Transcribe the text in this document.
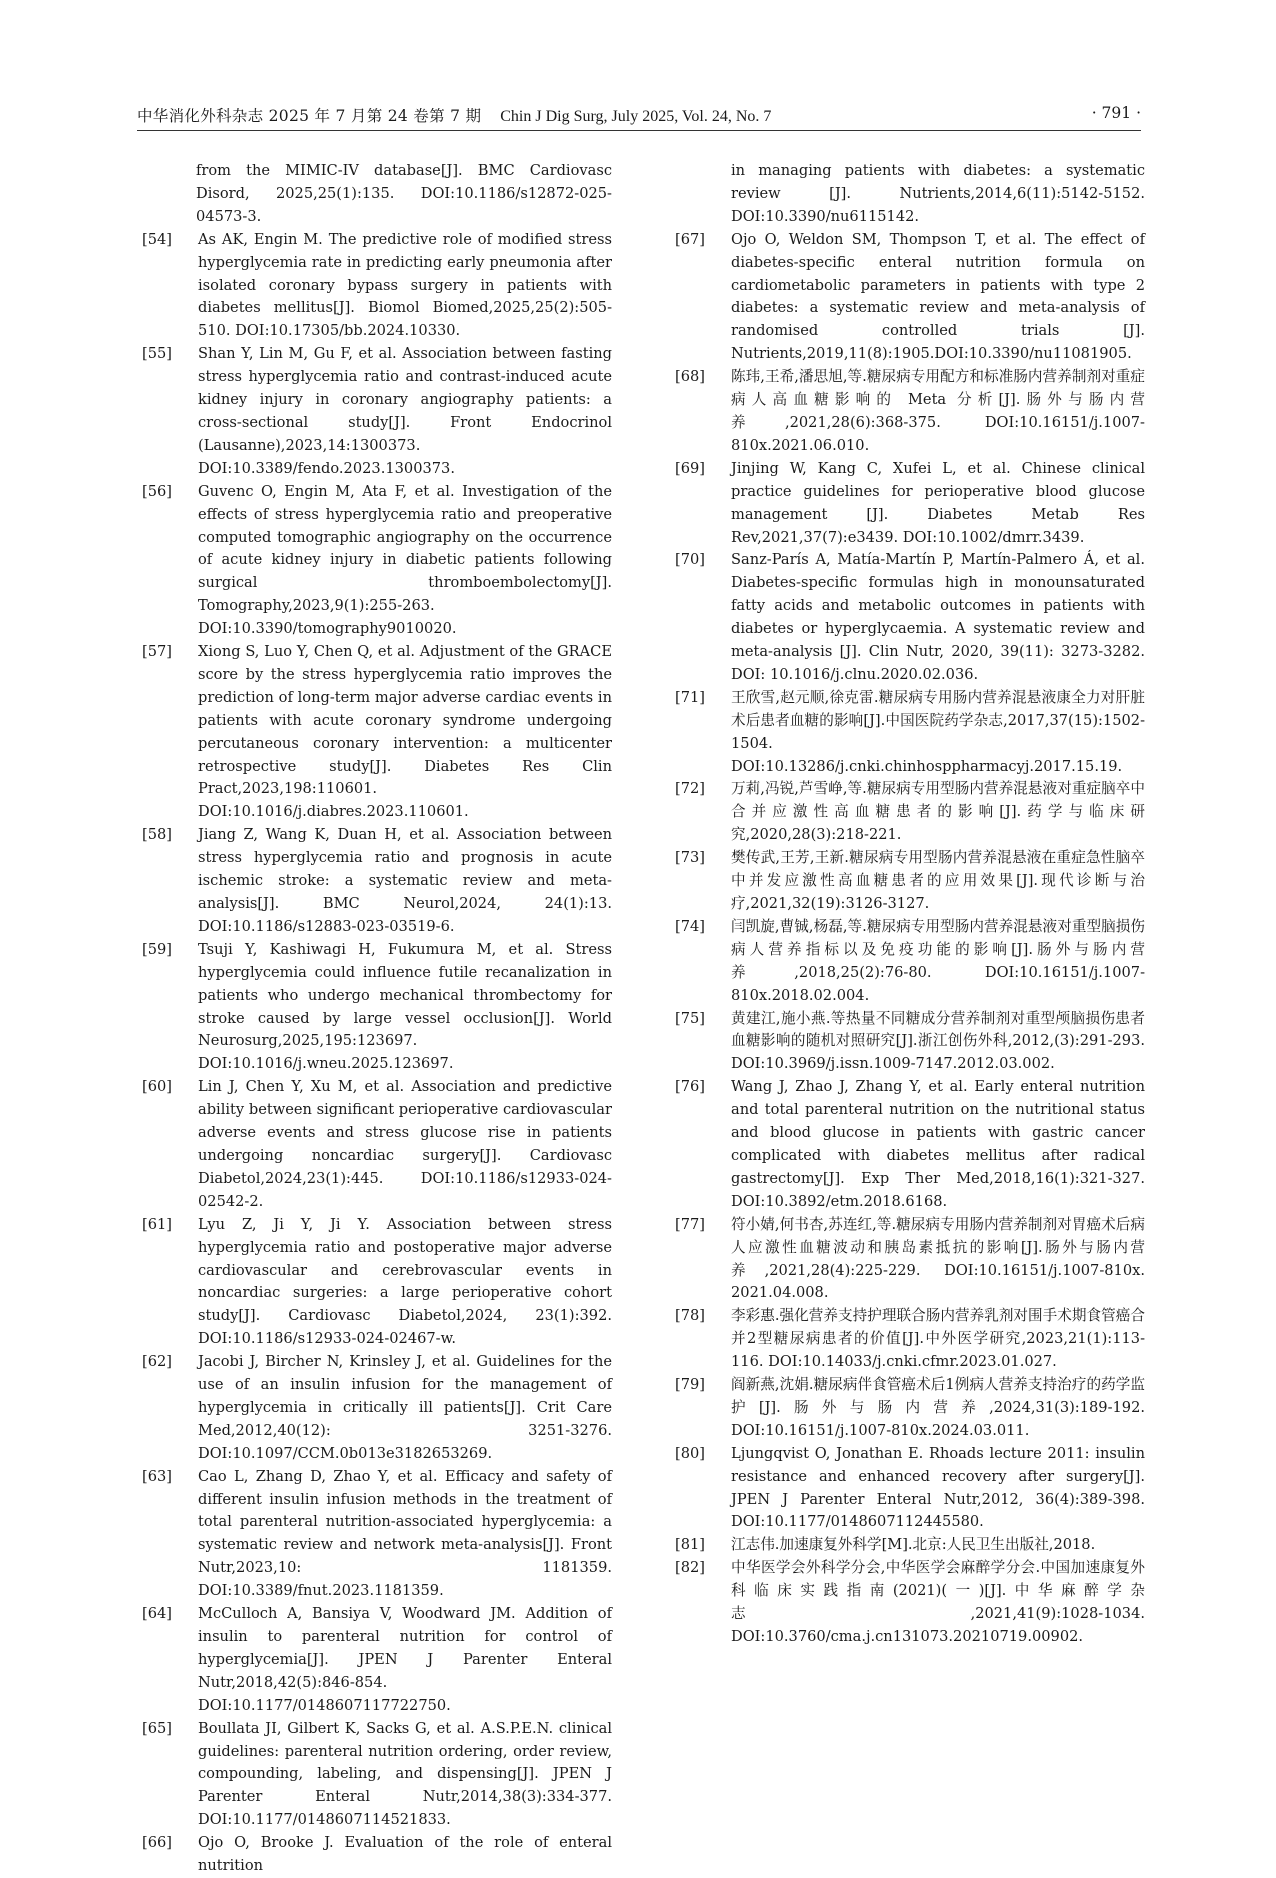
中华消化外科杂志 2025 年 7 月第 24 卷第 7 期 Chin J Dig Surg, July 2025, Vol. 24, No. 7	· 791 ·

from the MIMIC-IV database[J]. BMC Cardiovasc Disord, 2025,25(1):135. DOI:10.1186/s12872-025-04573-3.

[54]	As AK, Engin M. The predictive role of modified stress hyperglycemia rate in predicting early pneumonia after isolated coronary bypass surgery in patients with diabetes mellitus[J]. Biomol Biomed,2025,25(2):505-510. DOI:10.17305/bb.2024.10330.

[55]	Shan Y, Lin M, Gu F, et al. Association between fasting stress hyperglycemia ratio and contrast-induced acute kidney injury in coronary angiography patients: a cross-sectional study[J]. Front Endocrinol (Lausanne),2023,14:1300373. DOI:10.3389/fendo.2023.1300373.

[56]	Guvenc O, Engin M, Ata F, et al. Investigation of the effects of stress hyperglycemia ratio and preoperative computed tomographic angiography on the occurrence of acute kidney injury in diabetic patients following surgical thromboembolectomy[J]. Tomography,2023,9(1):255-263. DOI:10.3390/tomography9010020.

[57]	Xiong S, Luo Y, Chen Q, et al. Adjustment of the GRACE score by the stress hyperglycemia ratio improves the prediction of long-term major adverse cardiac events in patients with acute coronary syndrome undergoing percutaneous coronary intervention: a multicenter retrospective study[J]. Diabetes Res Clin Pract,2023,198:110601. DOI:10.1016/j.diabres.2023.110601.

[58]	Jiang Z, Wang K, Duan H, et al. Association between stress hyperglycemia ratio and prognosis in acute ischemic stroke: a systematic review and meta-analysis[J]. BMC Neurol,2024, 24(1):13. DOI:10.1186/s12883-023-03519-6.

[59]	Tsuji Y, Kashiwagi H, Fukumura M, et al. Stress hyperglycemia could influence futile recanalization in patients who undergo mechanical thrombectomy for stroke caused by large vessel occlusion[J]. World Neurosurg,2025,195:123697. DOI:10.1016/j.wneu.2025.123697.

[60]	Lin J, Chen Y, Xu M, et al. Association and predictive ability between significant perioperative cardiovascular adverse events and stress glucose rise in patients undergoing noncardiac surgery[J]. Cardiovasc Diabetol,2024,23(1):445. DOI:10.1186/s12933-024-02542-2.

[61]	Lyu Z, Ji Y, Ji Y. Association between stress hyperglycemia ratio and postoperative major adverse cardiovascular and cerebrovascular events in noncardiac surgeries: a large perioperative cohort study[J]. Cardiovasc Diabetol,2024, 23(1):392. DOI:10.1186/s12933-024-02467-w.

[62]	Jacobi J, Bircher N, Krinsley J, et al. Guidelines for the use of an insulin infusion for the management of hyperglycemia in critically ill patients[J]. Crit Care Med,2012,40(12): 3251-3276. DOI:10.1097/CCM.0b013e3182653269.

[63]	Cao L, Zhang D, Zhao Y, et al. Efficacy and safety of different insulin infusion methods in the treatment of total parenteral nutrition-associated hyperglycemia: a systematic review and network meta-analysis[J]. Front Nutr,2023,10: 1181359. DOI:10.3389/fnut.2023.1181359.

[64]	McCulloch A, Bansiya V, Woodward JM. Addition of insulin to parenteral nutrition for control of hyperglycemia[J]. JPEN J Parenter Enteral Nutr,2018,42(5):846-854. DOI:10.1177/0148607117722750.

[65]	Boullata JI, Gilbert K, Sacks G, et al. A.S.P.E.N. clinical guidelines: parenteral nutrition ordering, order review, compounding, labeling, and dispensing[J]. JPEN J Parenter Enteral Nutr,2014,38(3):334-377. DOI:10.1177/0148607114521833.

[66]	Ojo O, Brooke J. Evaluation of the role of enteral nutrition

in managing patients with diabetes: a systematic review [J]. Nutrients,2014,6(11):5142-5152. DOI:10.3390/nu6115142.

[67]	Ojo O, Weldon SM, Thompson T, et al. The effect of diabetes-specific enteral nutrition formula on cardiometabolic parameters in patients with type 2 diabetes: a systematic review and meta-analysis of randomised controlled trials [J]. Nutrients,2019,11(8):1905.DOI:10.3390/nu11081905.

[68]	陈玮,王希,潘思旭,等.糖尿病专用配方和标准肠内营养制剂对重症病人高血糖影响的 Meta 分析[J].肠外与肠内营养,2021,28(6):368-375. DOI:10.16151/j.1007-810x.2021.06.010.

[69]	Jinjing W, Kang C, Xufei L, et al. Chinese clinical practice guidelines for perioperative blood glucose management [J]. Diabetes Metab Res Rev,2021,37(7):e3439. DOI:10.1002/dmrr.3439.

[70]	Sanz-París A, Matía-Martín P, Martín-Palmero Á, et al. Diabetes-specific formulas high in monounsaturated fatty acids and metabolic outcomes in patients with diabetes or hyperglycaemia. A systematic review and meta-analysis [J]. Clin Nutr, 2020, 39(11): 3273-3282. DOI: 10.1016/j.clnu.2020.02.036.

[71]	王欣雪,赵元顺,徐克雷.糖尿病专用肠内营养混悬液康全力对肝脏术后患者血糖的影响[J].中国医院药学杂志,2017,37(15):1502-1504. DOI:10.13286/j.cnki.chinhosppharmacyj.2017.15.19.

[72]	万莉,冯锐,芦雪峥,等.糖尿病专用型肠内营养混悬液对重症脑卒中合并应激性高血糖患者的影响[J].药学与临床研究,2020,28(3):218-221.

[73]	樊传武,王芳,王新.糖尿病专用型肠内营养混悬液在重症急性脑卒中并发应激性高血糖患者的应用效果[J].现代诊断与治疗,2021,32(19):3126-3127.

[74]	闫凯旋,曹铖,杨磊,等.糖尿病专用型肠内营养混悬液对重型脑损伤病人营养指标以及免疫功能的影响[J].肠外与肠内营养,2018,25(2):76-80. DOI:10.16151/j.1007-810x.2018.02.004.

[75]	黄建江,施小燕.等热量不同糖成分营养制剂对重型颅脑损伤患者血糖影响的随机对照研究[J].浙江创伤外科,2012,(3):291-293. DOI:10.3969/j.issn.1009-7147.2012.03.002.

[76]	Wang J, Zhao J, Zhang Y, et al. Early enteral nutrition and total parenteral nutrition on the nutritional status and blood glucose in patients with gastric cancer complicated with diabetes mellitus after radical gastrectomy[J]. Exp Ther Med,2018,16(1):321-327. DOI:10.3892/etm.2018.6168.

[77]	符小婧,何书杏,苏连红,等.糖尿病专用肠内营养制剂对胃癌术后病人应激性血糖波动和胰岛素抵抗的影响[J].肠外与肠内营养,2021,28(4):225-229. DOI:10.16151/j.1007-810x. 2021.04.008.

[78]	李彩惠.强化营养支持护理联合肠内营养乳剂对围手术期食管癌合并2型糖尿病患者的价值[J].中外医学研究,2023,21(1):113-116. DOI:10.14033/j.cnki.cfmr.2023.01.027.

[79]	阎新燕,沈娟.糖尿病伴食管癌术后1例病人营养支持治疗的药学监护[J].肠外与肠内营养,2024,31(3):189-192. DOI:10.16151/j.1007-810x.2024.03.011.

[80]	Ljungqvist O, Jonathan E. Rhoads lecture 2011: insulin resistance and enhanced recovery after surgery[J]. JPEN J Parenter Enteral Nutr,2012, 36(4):389-398. DOI:10.1177/0148607112445580.

[81]	江志伟.加速康复外科学[M].北京:人民卫生出版社,2018.

[82]	中华医学会外科学分会,中华医学会麻醉学分会.中国加速康复外科临床实践指南(2021)(一)[J].中华麻醉学杂志,2021,41(9):1028-1034. DOI:10.3760/cma.j.cn131073.20210719.00902.
